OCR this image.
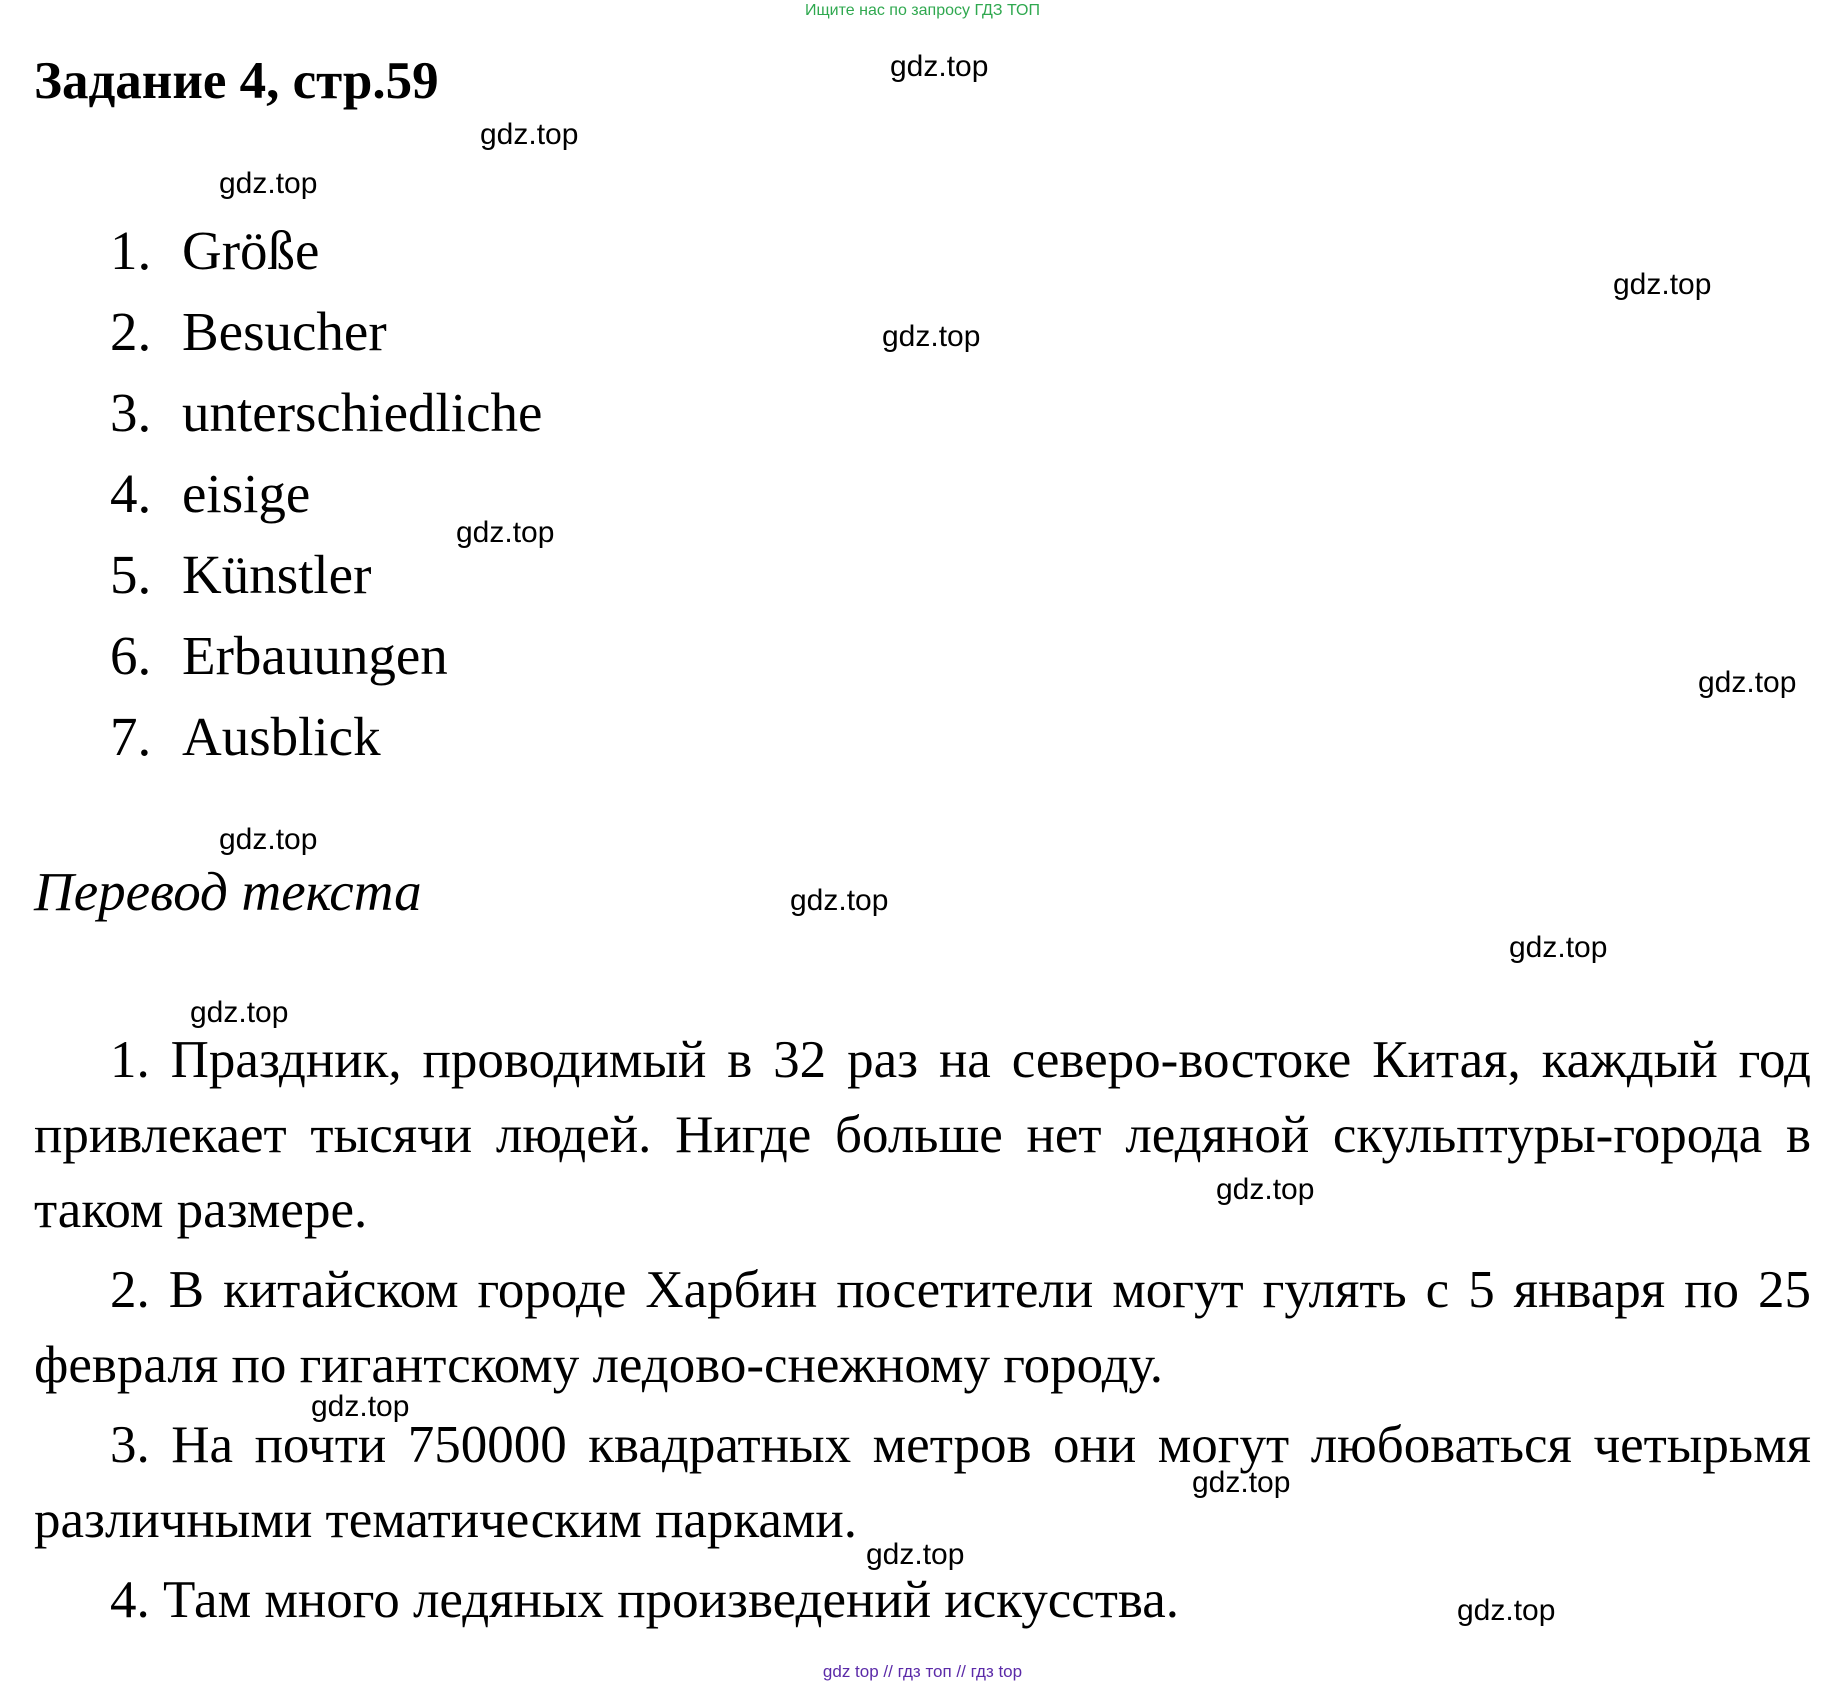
Ищите нас по запросу ГДЗ ТОП
Задание 4, стр.59
1. Größe
2. Besucher
3. unterschiedliche
4. eisige
5. Künstler
6. Erbauungen
7. Ausblick
Перевод текста

1. Праздник, проводимый в 32 раз на северо-востоке Китая, каждый год привлекает тысячи людей. Нигде больше нет ледяной скульптуры-города в таком размере.

2. В китайском городе Харбин посетители могут гулять с 5 января по 25 февраля по гигантскому ледово-снежному городу.

3. На почти 750000 квадратных метров они могут любоваться четырьмя различными тематическим парками.

4. Там много ледяных произведений искусства.

gdz.top
gdz.top
gdz.top
gdz.top
gdz.top
gdz.top
gdz.top
gdz.top
gdz.top
gdz.top
gdz.top
gdz.top
gdz.top
gdz.top
gdz.top
gdz.top
gdz top // гдз топ // гдз top
